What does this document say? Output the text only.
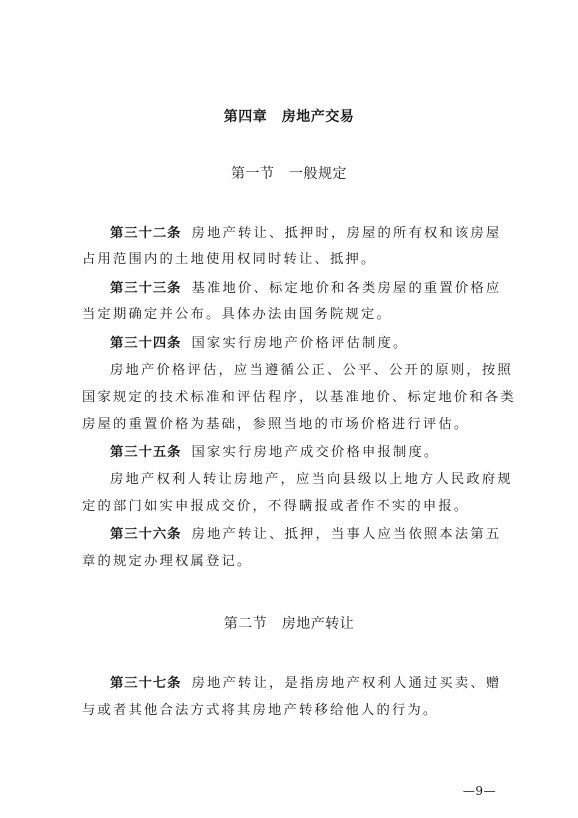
第四章　房地产交易
第一节　一般规定
第三十二条 房地产转让、抵押时，房屋的所有权和该房屋
占用范围内的土地使用权同时转让、抵押。
第三十三条 基准地价、标定地价和各类房屋的重置价格应
当定期确定并公布。具体办法由国务院规定。
第三十四条 国家实行房地产价格评估制度。
房地产价格评估，应当遵循公正、公平、公开的原则，按照
国家规定的技术标准和评估程序，以基准地价、标定地价和各类
房屋的重置价格为基础，参照当地的市场价格进行评估。
第三十五条 国家实行房地产成交价格申报制度。
房地产权利人转让房地产，应当向县级以上地方人民政府规
定的部门如实申报成交价，不得瞒报或者作不实的申报。
第三十六条 房地产转让、抵押，当事人应当依照本法第五
章的规定办理权属登记。
第二节　房地产转让
第三十七条 房地产转让，是指房地产权利人通过买卖、赠
与或者其他合法方式将其房地产转移给他人的行为。
—9—
